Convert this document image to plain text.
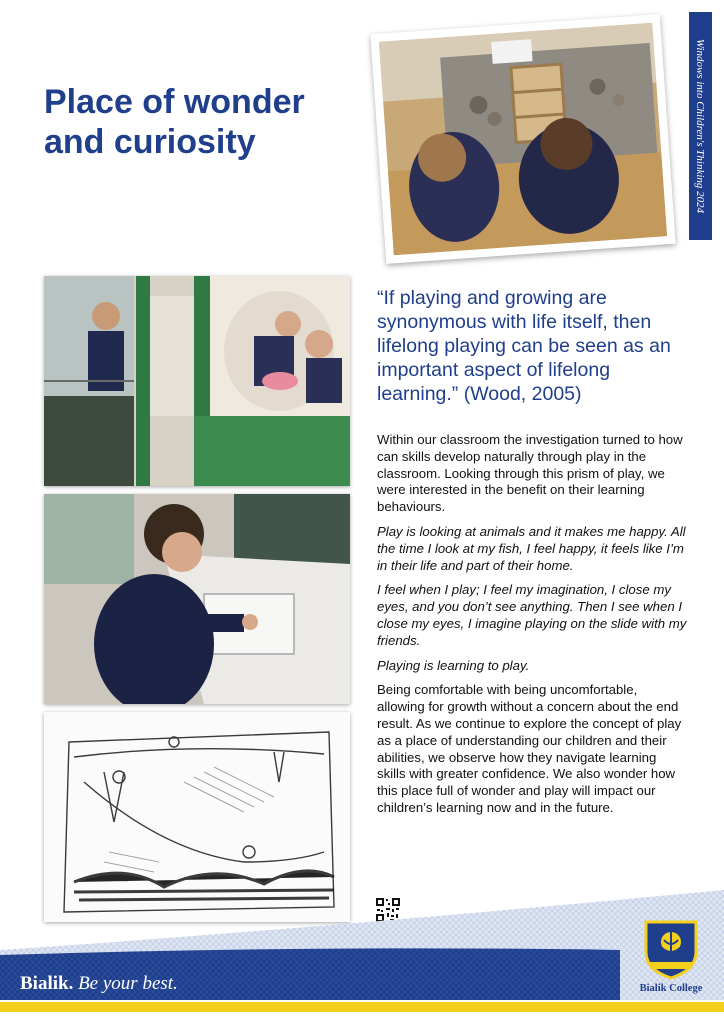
Place of wonder and curiosity	Windows into Children's Thinking 2024
“If playing and growing are synonymous with life itself, then lifelong playing can be seen as an important aspect of lifelong learning.” (Wood, 2005)

Within our classroom the investigation turned to how can skills develop naturally through play in the classroom. Looking through this prism of play, we were interested in the benefit on their learning behaviours.

Play is looking at animals and it makes me happy. All the time I look at my fish, I feel happy, it feels like I’m in their life and part of their home.

I feel when I play; I feel my imagination, I close my eyes, and you don’t see anything. Then I see when I close my eyes, I imagine playing on the slide with my friends.

Playing is learning to play.

Being comfortable with being uncomfortable, allowing for growth without a concern about the end result. As we continue to explore the concept of play as a place of understanding our children and their abilities, we observe how they navigate learning skills with greater confidence. We also wonder how this place full of wonder and play will impact our children’s learning now and in the future.

Bialik. Be your best.	Bialik College
